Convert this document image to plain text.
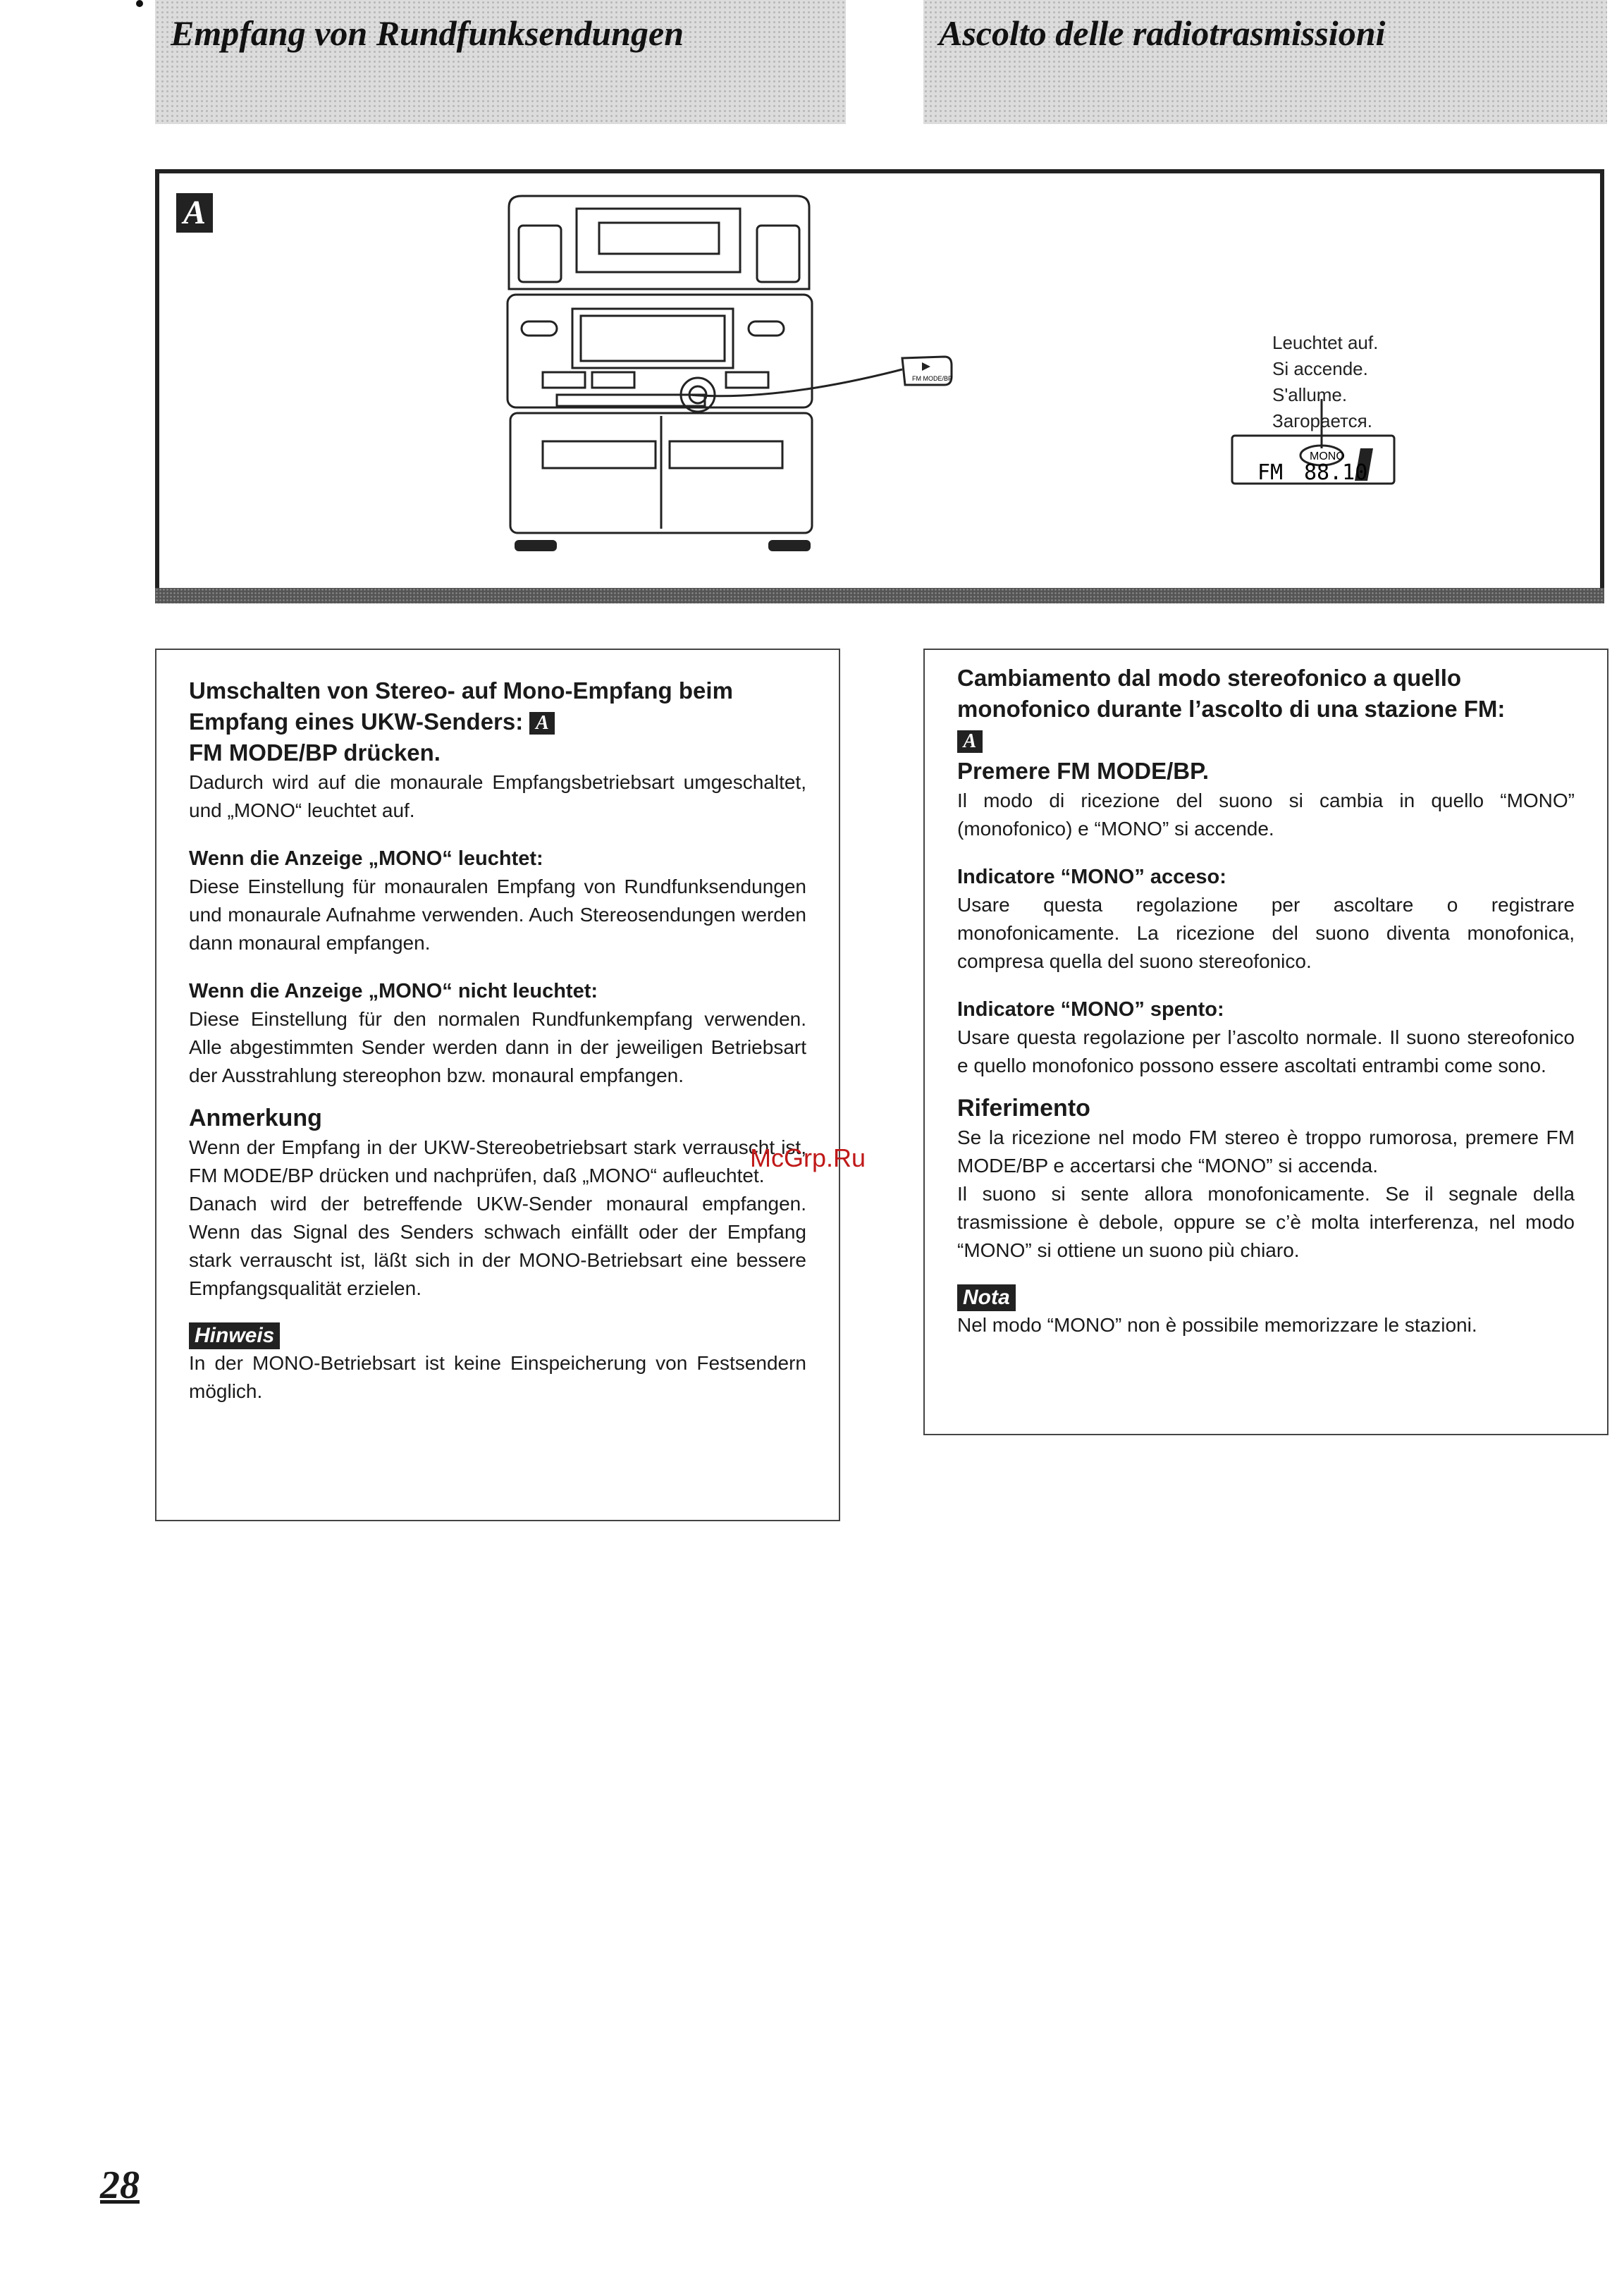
Empfang von Rundfunksendungen	Ascolto delle radiotrasmissioni
A
FM MODE/BP
MONO
FM 88.10
Leuchtet auf.
Si accende.
S'allume.
Загорается.
Umschalten von Stereo- auf Mono-Empfang beim
Empfang eines UKW-Senders: A
FM MODE/BP drücken.
Dadurch wird auf die monaurale Empfangsbetriebsart umgeschaltet, und „MONO“ leuchtet auf.
Wenn die Anzeige „MONO“ leuchtet:
Diese Einstellung für monauralen Empfang von Rundfunksendungen und monaurale Aufnahme verwenden. Auch Stereosendungen werden dann monaural empfangen.
Wenn die Anzeige „MONO“ nicht leuchtet:
Diese Einstellung für den normalen Rundfunkempfang verwenden. Alle abgestimmten Sender werden dann in der jeweiligen Betriebsart der Ausstrahlung stereophon bzw. monaural empfangen.
Anmerkung
Wenn der Empfang in der UKW-Stereobetriebsart stark verrauscht ist, FM MODE/BP drücken und nachprüfen, daß „MONO“ aufleuchtet.
Danach wird der betreffende UKW-Sender monaural empfangen. Wenn das Signal des Senders schwach einfällt oder der Empfang stark verrauscht ist, läßt sich in der MONO-Betriebsart eine bessere Empfangsqualität erzielen.
Hinweis
In der MONO-Betriebsart ist keine Einspeicherung von Festsendern möglich.
Cambiamento dal modo stereofonico a quello
monofonico durante l’ascolto di una stazione FM:
A
Premere FM MODE/BP.
Il modo di ricezione del suono si cambia in quello “MONO” (monofonico) e “MONO” si accende.
Indicatore “MONO” acceso:
Usare questa regolazione per ascoltare o registrare monofonicamente. La ricezione del suono diventa monofonica, compresa quella del suono stereofonico.
Indicatore “MONO” spento:
Usare questa regolazione per l’ascolto normale. Il suono stereofonico e quello monofonico possono essere ascoltati entrambi come sono.
Riferimento
Se la ricezione nel modo FM stereo è troppo rumorosa, premere FM MODE/BP e accertarsi che “MONO” si accenda.
Il suono si sente allora monofonicamente. Se il segnale della trasmissione è debole, oppure se c’è molta interferenza, nel modo “MONO” si ottiene un suono più chiaro.
Nota
Nel modo “MONO” non è possibile memorizzare le stazioni.
McGrp.Ru
28
